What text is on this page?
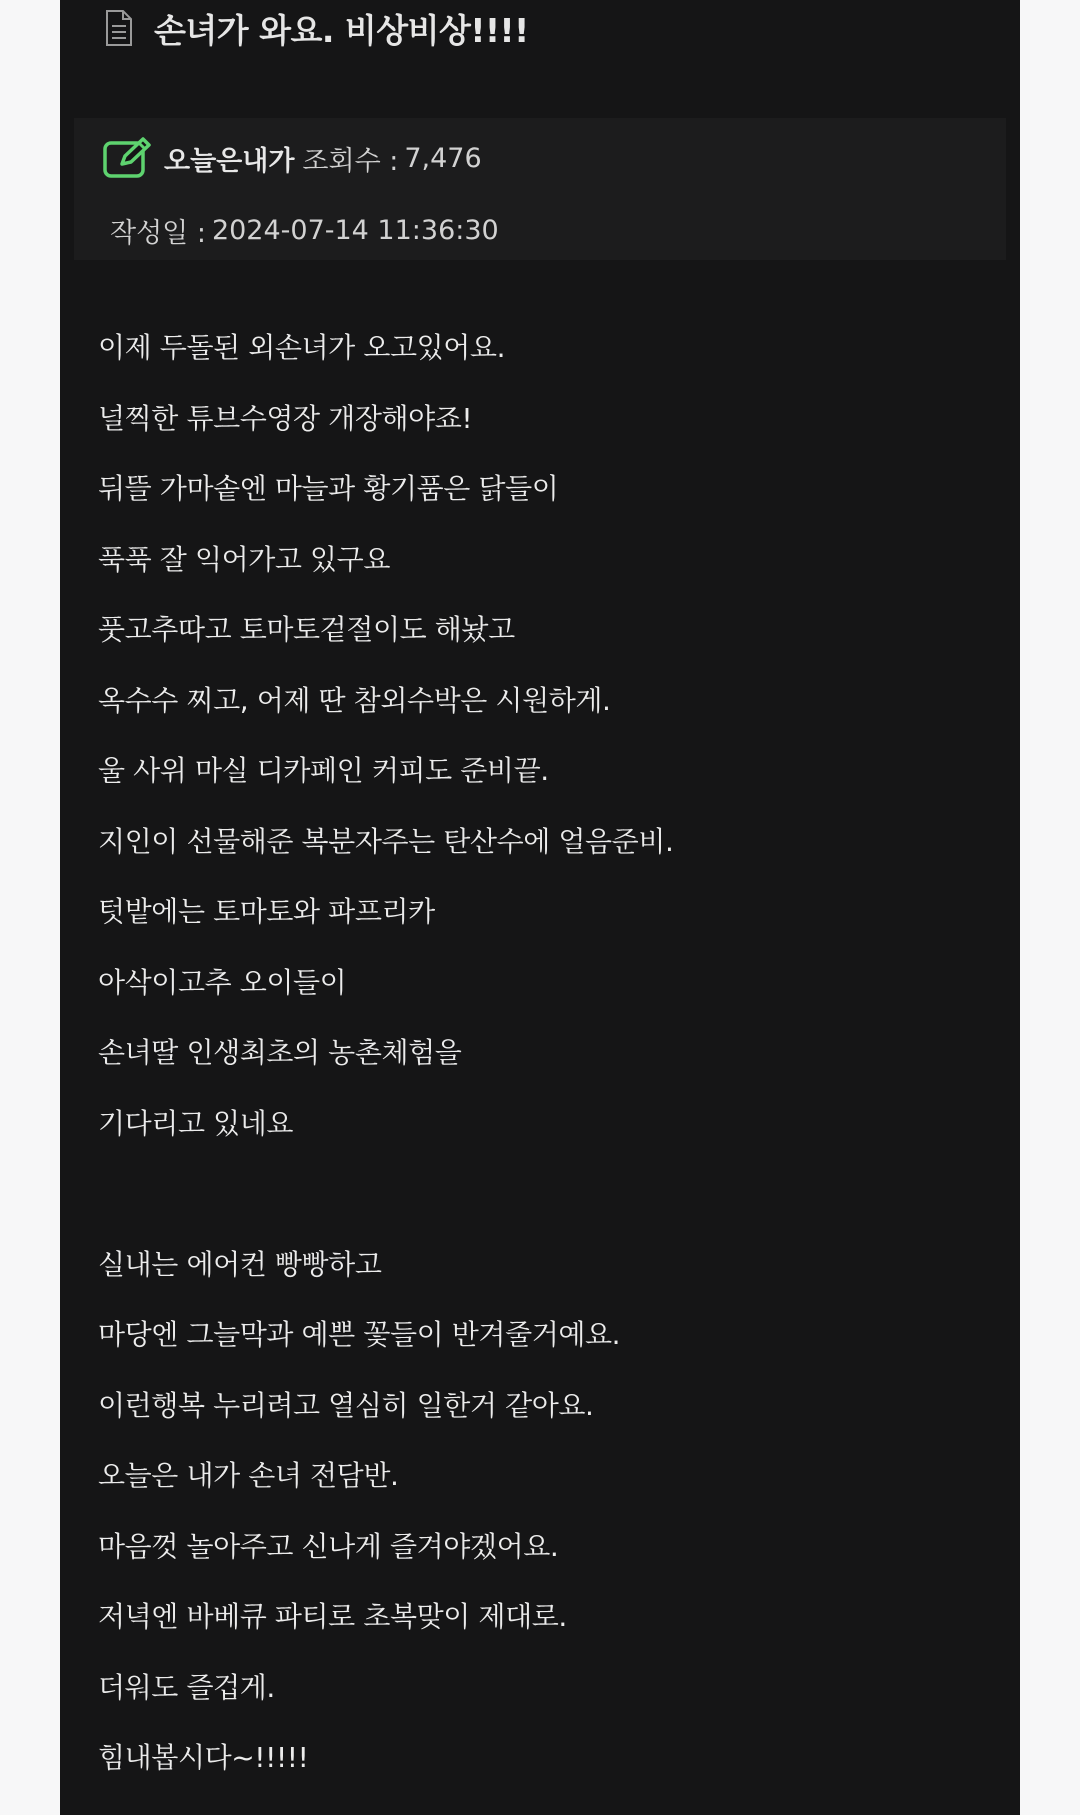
손녀가 와요. 비상비상!!!!
오늘은내가 조회수 : 7,476
작성일 : 2024-07-14 11:36:30
이제 두돌된 외손녀가 오고있어요.
널찍한 튜브수영장 개장해야죠!
뒤뜰 가마솥엔 마늘과 황기품은 닭들이
푹푹 잘 익어가고 있구요
풋고추따고 토마토겉절이도 해놨고
옥수수 찌고, 어제 딴 참외수박은 시원하게.
울 사위 마실 디카페인 커피도 준비끝.
지인이 선물해준 복분자주는 탄산수에 얼음준비.
텃밭에는 토마토와 파프리카
아삭이고추 오이들이
손녀딸 인생최초의 농촌체험을
기다리고 있네요
실내는 에어컨 빵빵하고
마당엔 그늘막과 예쁜 꽃들이 반겨줄거예요.
이런행복 누리려고 열심히 일한거 같아요.
오늘은 내가 손녀 전담반.
마음껏 놀아주고 신나게 즐겨야겠어요.
저녁엔 바베큐 파티로 초복맞이 제대로.
더워도 즐겁게.
힘내봅시다~!!!!!
